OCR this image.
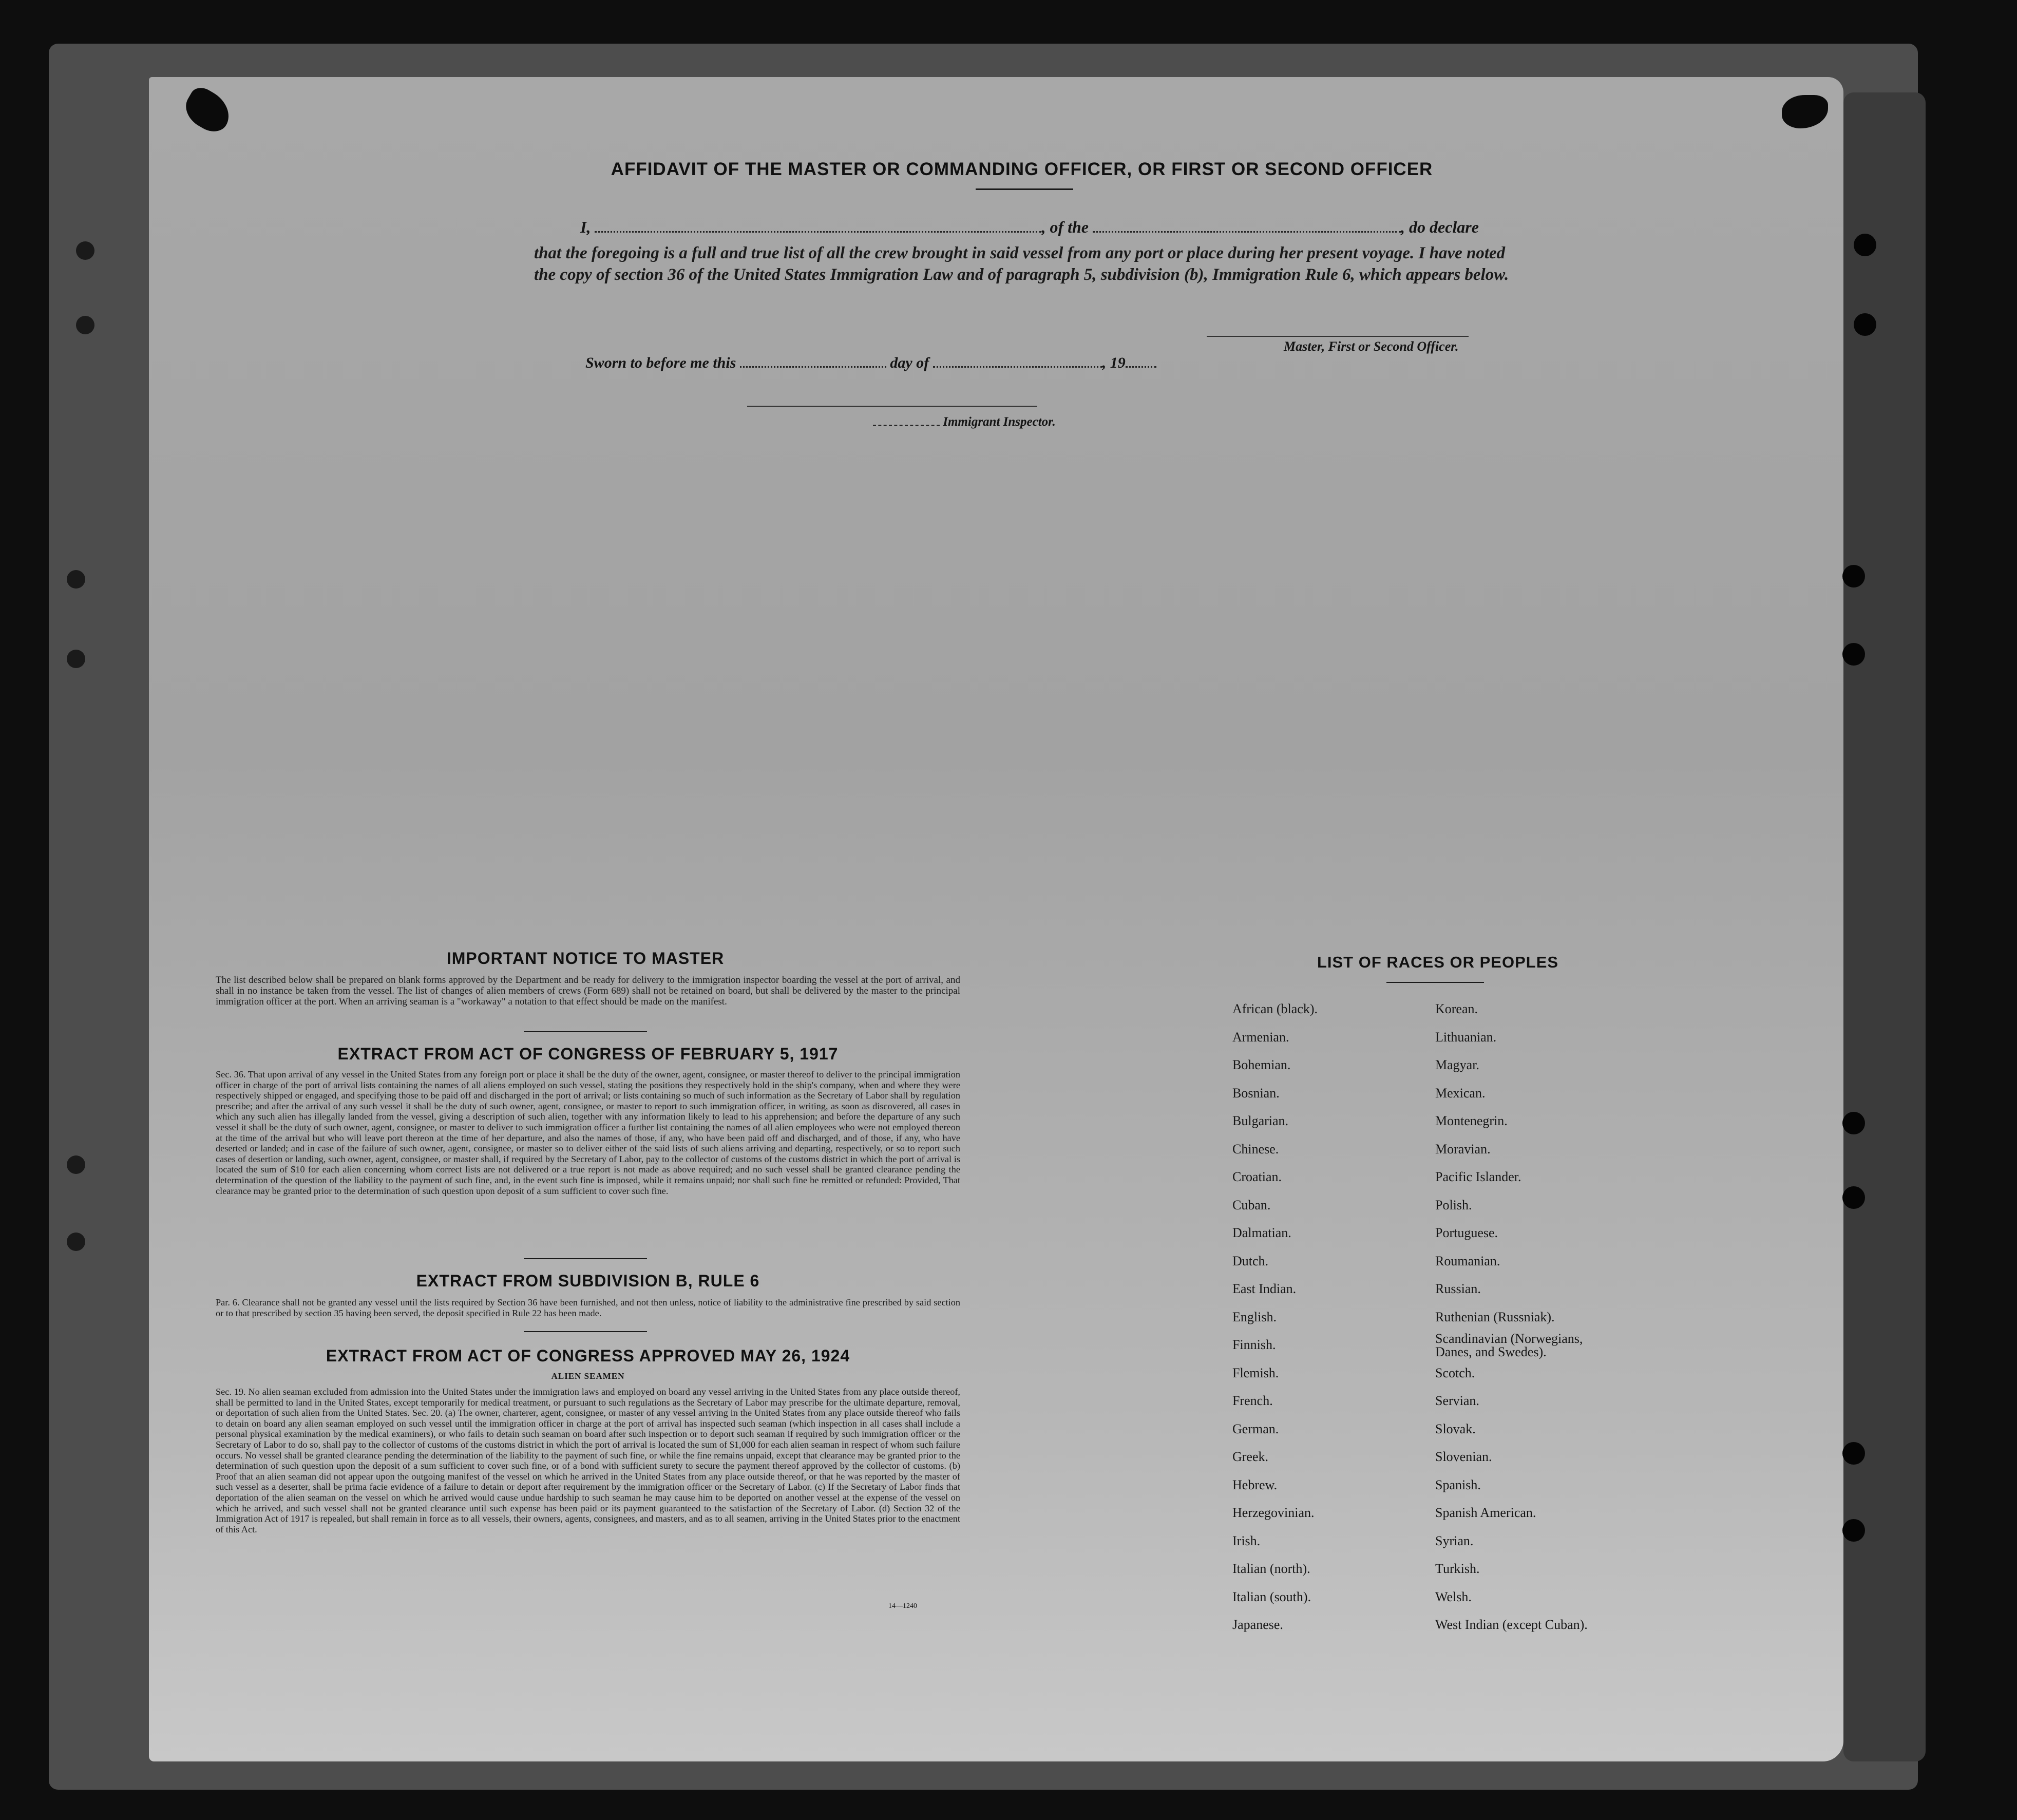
AFFIDAVIT OF THE MASTER OR COMMANDING OFFICER, OR FIRST OR SECOND OFFICER
I,	, of the	, do declare
that the foregoing is a full and true list of all the crew brought in said vessel from any port or place during her present voyage. I have noted the copy of section 36 of the United States Immigration Law and of paragraph 5, subdivision (b), Immigration Rule 6, which appears below.
Master, First or Second Officer.
Sworn to before me this	day of	, 19
Immigrant Inspector.
IMPORTANT NOTICE TO MASTER
The list described below shall be prepared on blank forms approved by the Department and be ready for delivery to the immigration inspector boarding the vessel at the port of arrival, and shall in no instance be taken from the vessel. The list of changes of alien members of crews (Form 689) shall not be retained on board, but shall be delivered by the master to the principal immigration officer at the port. When an arriving seaman is a "workaway" a notation to that effect should be made on the manifest.
EXTRACT FROM ACT OF CONGRESS OF FEBRUARY 5, 1917
Sec. 36. That upon arrival of any vessel in the United States from any foreign port or place it shall be the duty of the owner, agent, consignee, or master thereof to deliver to the principal immigration officer in charge of the port of arrival lists containing the names of all aliens employed on such vessel, stating the positions they respectively hold in the ship's company, when and where they were respectively shipped or engaged, and specifying those to be paid off and discharged in the port of arrival; or lists containing so much of such information as the Secretary of Labor shall by regulation prescribe; and after the arrival of any such vessel it shall be the duty of such owner, agent, consignee, or master to report to such immigration officer, in writing, as soon as discovered, all cases in which any such alien has illegally landed from the vessel, giving a description of such alien, together with any information likely to lead to his apprehension; and before the departure of any such vessel it shall be the duty of such owner, agent, consignee, or master to deliver to such immigration officer a further list containing the names of all alien employees who were not employed thereon at the time of the arrival but who will leave port thereon at the time of her departure, and also the names of those, if any, who have been paid off and discharged, and of those, if any, who have deserted or landed; and in case of the failure of such owner, agent, consignee, or master so to deliver either of the said lists of such aliens arriving and departing, respectively, or so to report such cases of desertion or landing, such owner, agent, consignee, or master shall, if required by the Secretary of Labor, pay to the collector of customs of the customs district in which the port of arrival is located the sum of $10 for each alien concerning whom correct lists are not delivered or a true report is not made as above required; and no such vessel shall be granted clearance pending the determination of the question of the liability to the payment of such fine, and, in the event such fine is imposed, while it remains unpaid; nor shall such fine be remitted or refunded: Provided, That clearance may be granted prior to the determination of such question upon deposit of a sum sufficient to cover such fine.
EXTRACT FROM SUBDIVISION B, RULE 6
Par. 6. Clearance shall not be granted any vessel until the lists required by Section 36 have been furnished, and not then unless, notice of liability to the administrative fine prescribed by said section or to that prescribed by section 35 having been served, the deposit specified in Rule 22 has been made.
EXTRACT FROM ACT OF CONGRESS APPROVED MAY 26, 1924
ALIEN SEAMEN
Sec. 19. No alien seaman excluded from admission into the United States under the immigration laws and employed on board any vessel arriving in the United States from any place outside thereof, shall be permitted to land in the United States, except temporarily for medical treatment, or pursuant to such regulations as the Secretary of Labor may prescribe for the ultimate departure, removal, or deportation of such alien from the United States. Sec. 20. (a) The owner, charterer, agent, consignee, or master of any vessel arriving in the United States from any place outside thereof who fails to detain on board any alien seaman employed on such vessel until the immigration officer in charge at the port of arrival has inspected such seaman (which inspection in all cases shall include a personal physical examination by the medical examiners), or who fails to detain such seaman on board after such inspection or to deport such seaman if required by such immigration officer or the Secretary of Labor to do so, shall pay to the collector of customs of the customs district in which the port of arrival is located the sum of $1,000 for each alien seaman in respect of whom such failure occurs. No vessel shall be granted clearance pending the determination of the liability to the payment of such fine, or while the fine remains unpaid, except that clearance may be granted prior to the determination of such question upon the deposit of a sum sufficient to cover such fine, or of a bond with sufficient surety to secure the payment thereof approved by the collector of customs. (b) Proof that an alien seaman did not appear upon the outgoing manifest of the vessel on which he arrived in the United States from any place outside thereof, or that he was reported by the master of such vessel as a deserter, shall be prima facie evidence of a failure to detain or deport after requirement by the immigration officer or the Secretary of Labor. (c) If the Secretary of Labor finds that deportation of the alien seaman on the vessel on which he arrived would cause undue hardship to such seaman he may cause him to be deported on another vessel at the expense of the vessel on which he arrived, and such vessel shall not be granted clearance until such expense has been paid or its payment guaranteed to the satisfaction of the Secretary of Labor. (d) Section 32 of the Immigration Act of 1917 is repealed, but shall remain in force as to all vessels, their owners, agents, consignees, and masters, and as to all seamen, arriving in the United States prior to the enactment of this Act.
14—1240
LIST OF RACES OR PEOPLES
African (black).
Armenian.
Bohemian.
Bosnian.
Bulgarian.
Chinese.
Croatian.
Cuban.
Dalmatian.
Dutch.
East Indian.
English.
Finnish.
Flemish.
French.
German.
Greek.
Hebrew.
Herzegovinian.
Irish.
Italian (north).
Italian (south).
Japanese.
Korean.
Lithuanian.
Magyar.
Mexican.
Montenegrin.
Moravian.
Pacific Islander.
Polish.
Portuguese.
Roumanian.
Russian.
Ruthenian (Russniak).
Scandinavian (Norwegians, Danes, and Swedes).
Scotch.
Servian.
Slovak.
Slovenian.
Spanish.
Spanish American.
Syrian.
Turkish.
Welsh.
West Indian (except Cuban).
